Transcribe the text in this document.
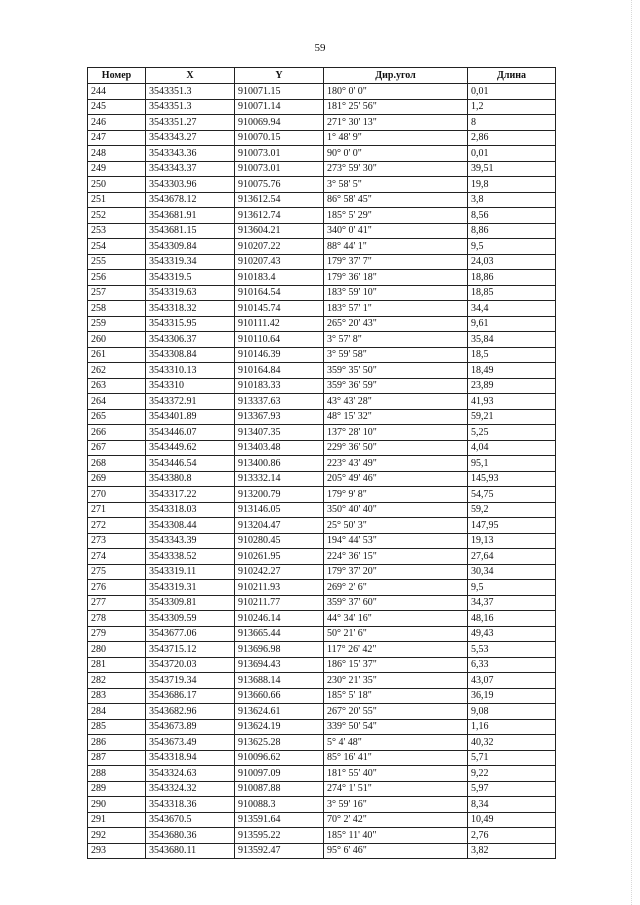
59
Номер	X	Y	Дир.угол	Длина
244	3543351.3	910071.15	180° 0' 0"	0,01
245	3543351.3	910071.14	181° 25' 56"	1,2
246	3543351.27	910069.94	271° 30' 13"	8
247	3543343.27	910070.15	1° 48' 9"	2,86
248	3543343.36	910073.01	90° 0' 0"	0,01
249	3543343.37	910073.01	273° 59' 30"	39,51
250	3543303.96	910075.76	3° 58' 5"	19,8
251	3543678.12	913612.54	86° 58' 45"	3,8
252	3543681.91	913612.74	185° 5' 29"	8,56
253	3543681.15	913604.21	340° 0' 41"	8,86
254	3543309.84	910207.22	88° 44' 1"	9,5
255	3543319.34	910207.43	179° 37' 7"	24,03
256	3543319.5	910183.4	179° 36' 18"	18,86
257	3543319.63	910164.54	183° 59' 10"	18,85
258	3543318.32	910145.74	183° 57' 1"	34,4
259	3543315.95	910111.42	265° 20' 43"	9,61
260	3543306.37	910110.64	3° 57' 8"	35,84
261	3543308.84	910146.39	3° 59' 58"	18,5
262	3543310.13	910164.84	359° 35' 50"	18,49
263	3543310	910183.33	359° 36' 59"	23,89
264	3543372.91	913337.63	43° 43' 28"	41,93
265	3543401.89	913367.93	48° 15' 32"	59,21
266	3543446.07	913407.35	137° 28' 10"	5,25
267	3543449.62	913403.48	229° 36' 50"	4,04
268	3543446.54	913400.86	223° 43' 49"	95,1
269	3543380.8	913332.14	205° 49' 46"	145,93
270	3543317.22	913200.79	179° 9' 8"	54,75
271	3543318.03	913146.05	350° 40' 40"	59,2
272	3543308.44	913204.47	25° 50' 3"	147,95
273	3543343.39	910280.45	194° 44' 53"	19,13
274	3543338.52	910261.95	224° 36' 15"	27,64
275	3543319.11	910242.27	179° 37' 20"	30,34
276	3543319.31	910211.93	269° 2' 6"	9,5
277	3543309.81	910211.77	359° 37' 60"	34,37
278	3543309.59	910246.14	44° 34' 16"	48,16
279	3543677.06	913665.44	50° 21' 6"	49,43
280	3543715.12	913696.98	117° 26' 42"	5,53
281	3543720.03	913694.43	186° 15' 37"	6,33
282	3543719.34	913688.14	230° 21' 35"	43,07
283	3543686.17	913660.66	185° 5' 18"	36,19
284	3543682.96	913624.61	267° 20' 55"	9,08
285	3543673.89	913624.19	339° 50' 54"	1,16
286	3543673.49	913625.28	5° 4' 48"	40,32
287	3543318.94	910096.62	85° 16' 41"	5,71
288	3543324.63	910097.09	181° 55' 40"	9,22
289	3543324.32	910087.88	274° 1' 51"	5,97
290	3543318.36	910088.3	3° 59' 16"	8,34
291	3543670.5	913591.64	70° 2' 42"	10,49
292	3543680.36	913595.22	185° 11' 40"	2,76
293	3543680.11	913592.47	95° 6' 46"	3,82
